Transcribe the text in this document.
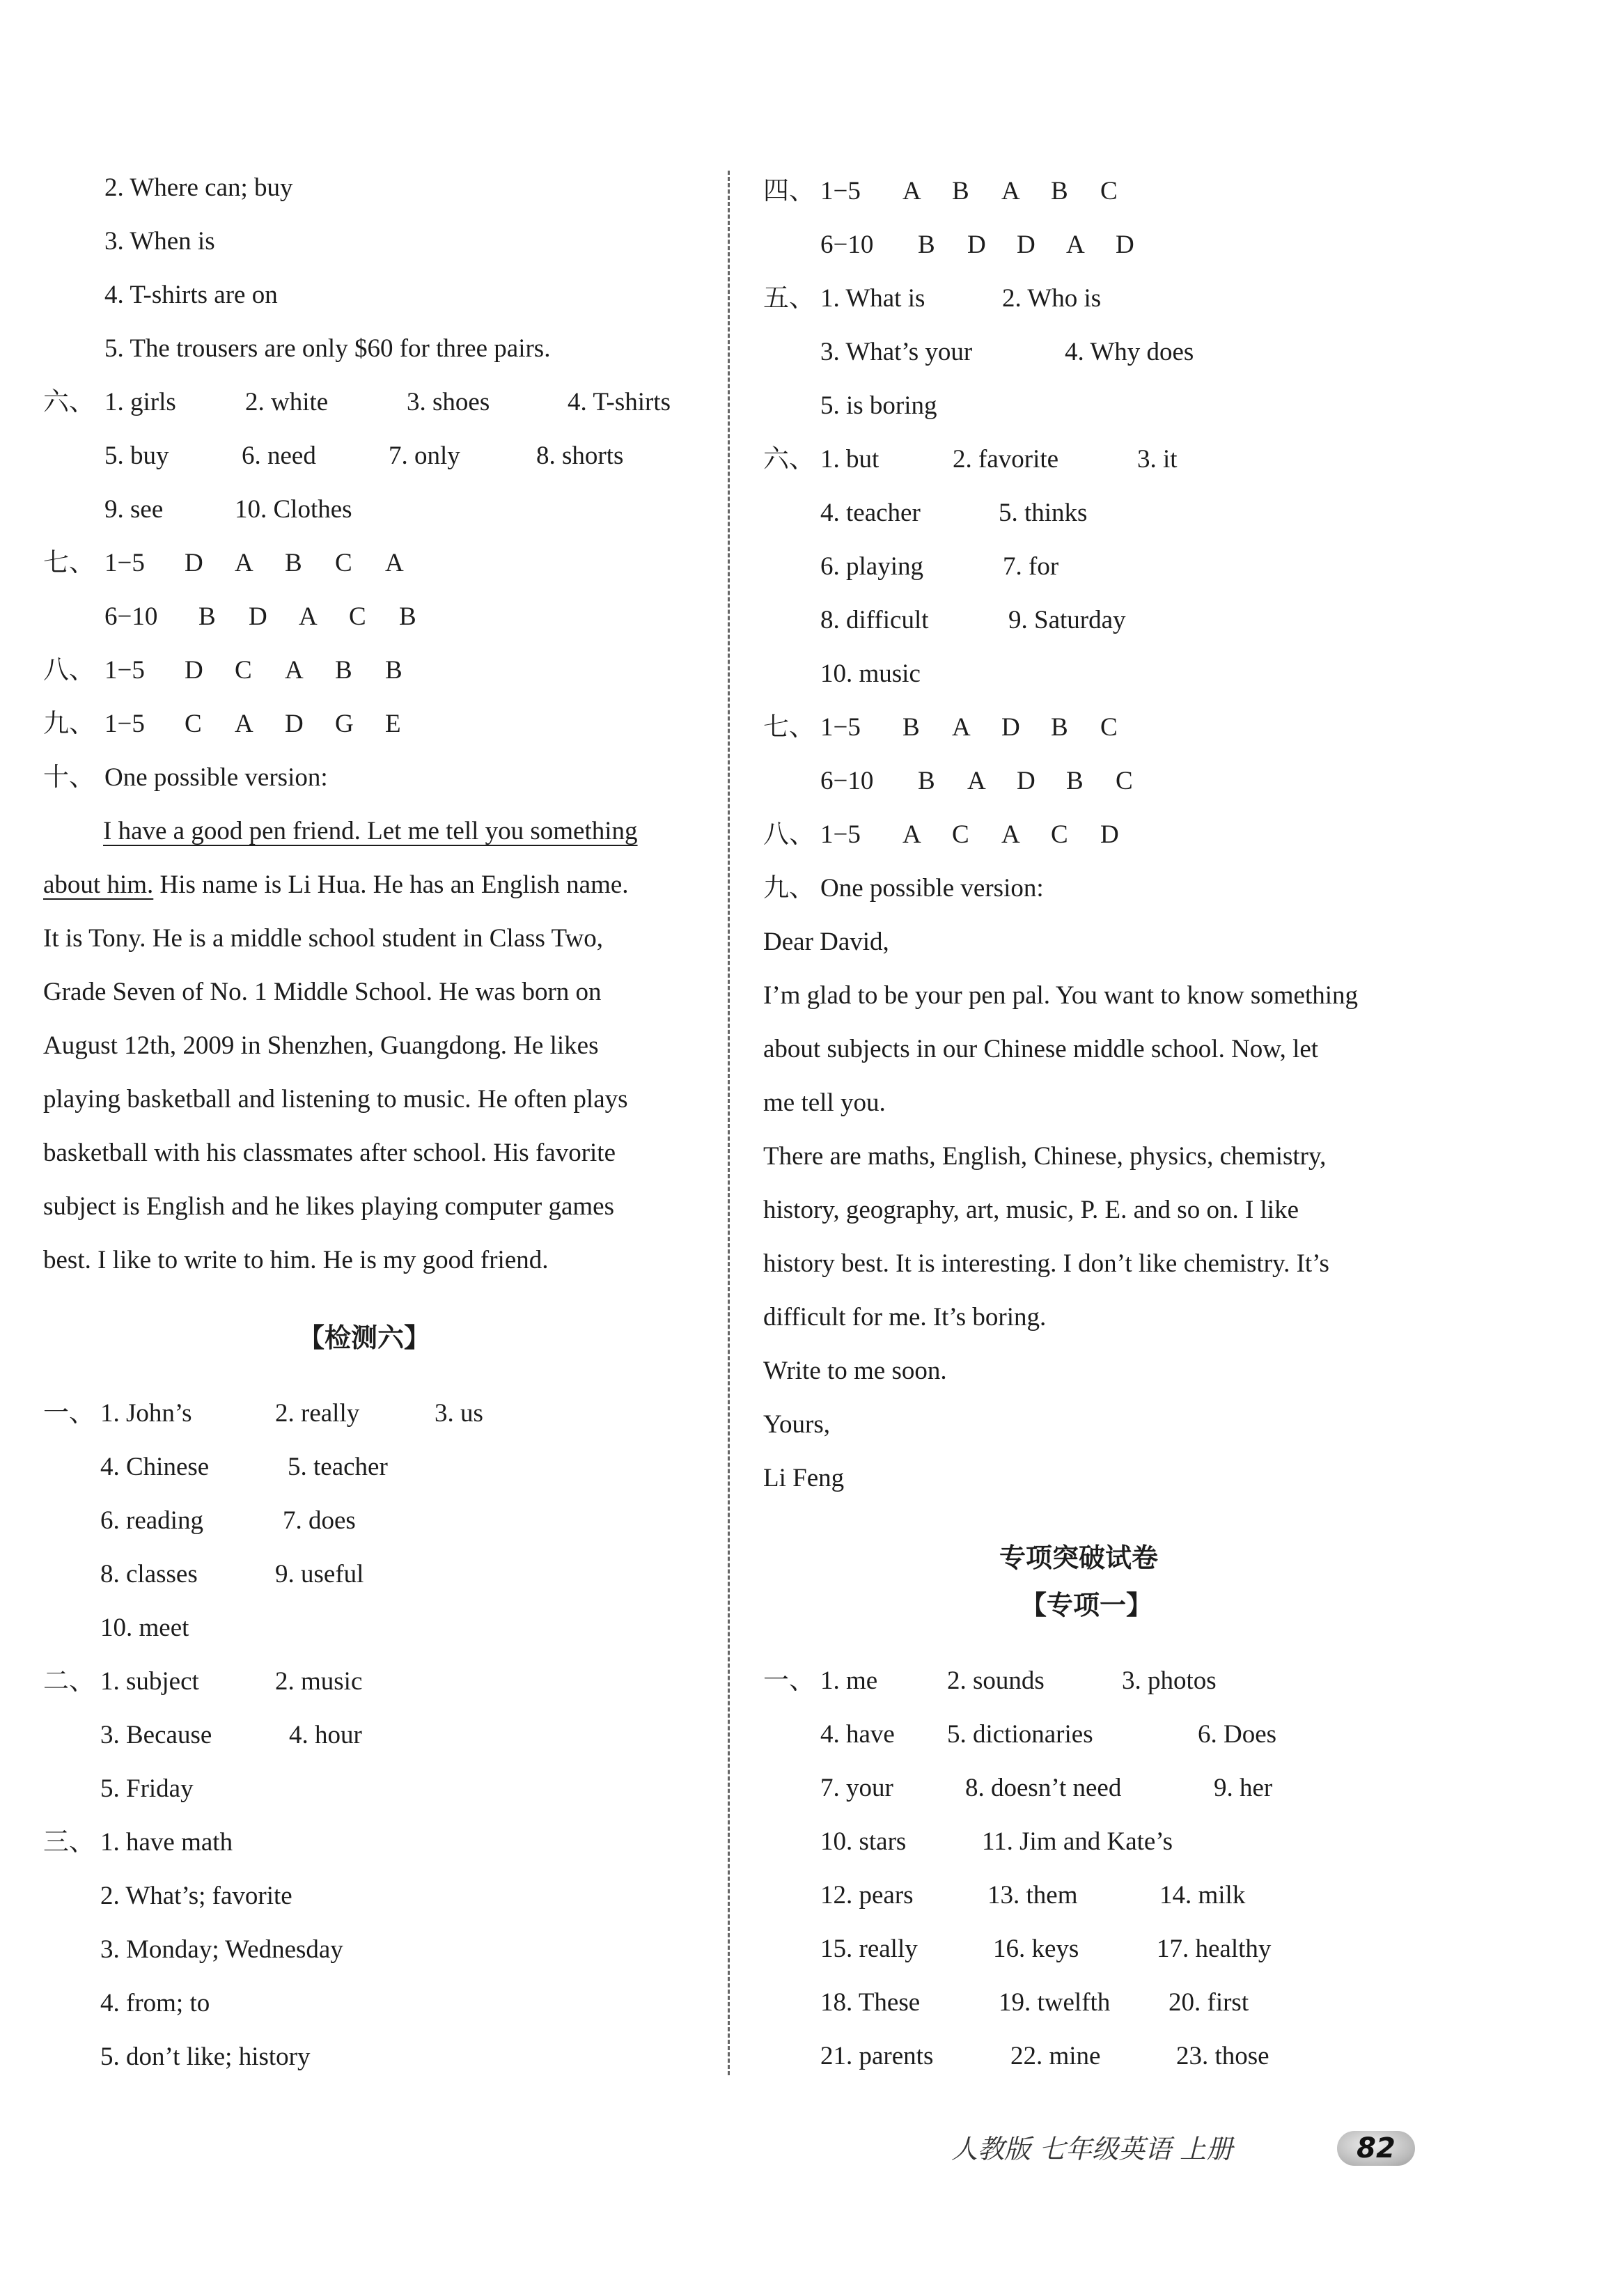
2. Where can; buy
3. When is
4. T-shirts are on
5. The trousers are only $60 for three pairs.
六、 1. girls	2. white	3. shoes	4. T-shirts
5. buy	6. need	7. only	8. shorts
9. see	10. Clothes
七、 1−5 D A B C A
6−10 B D A C B
八、 1−5 D C A B B
九、 1−5 C A D G E
十、 One possible version:
I have a good pen friend. Let me tell you something
about him. His name is Li Hua. He has an English name.
It is Tony. He is a middle school student in Class Two,
Grade Seven of No. 1 Middle School. He was born on
August 12th, 2009 in Shenzhen, Guangdong. He likes
playing basketball and listening to music. He often plays
basketball with his classmates after school. His favorite
subject is English and he likes playing computer games
best. I like to write to him. He is my good friend.
【检测六】
一、 1. John’s	2. really	3. us
4. Chinese	5. teacher
6. reading	7. does
8. classes	9. useful
10. meet
二、 1. subject	2. music
3. Because	4. hour
5. Friday
三、 1. have math
2. What’s; favorite
3. Monday; Wednesday
4. from; to
5. don’t like; history
四、 1−5 A B A B C
6−10 B D D A D
五、 1. What is	2. Who is
3. What’s your	4. Why does
5. is boring
六、 1. but	2. favorite	3. it
4. teacher	5. thinks
6. playing	7. for
8. difficult	9. Saturday
10. music
七、 1−5 B A D B C
6−10 B A D B C
八、 1−5 A C A C D
九、 One possible version:
Dear David,
I’m glad to be your pen pal. You want to know something
about subjects in our Chinese middle school. Now, let
me tell you.
There are maths, English, Chinese, physics, chemistry,
history, geography, art, music, P. E. and so on. I like
history best. It is interesting. I don’t like chemistry. It’s
difficult for me. It’s boring.
Write to me soon.
Yours,
Li Feng
专项突破试卷
【专项一】
一、 1. me	2. sounds	3. photos
4. have 5. dictionaries	6. Does
7. your	8. doesn’t need	9. her
10. stars	11. Jim and Kate’s
12. pears	13. them	14. milk
15. really	16. keys	17. healthy
18. These	19. twelfth 20. first
21. parents	22. mine	23. those
人教版 七年级英语 上册	82
